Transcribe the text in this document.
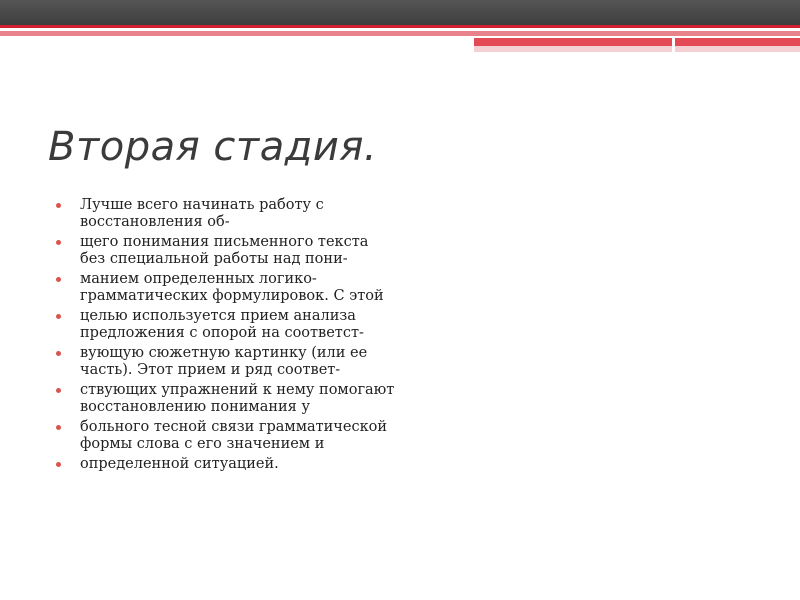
Вторая стадия.
Лучше всего начинать работу с восстановления об-
щего понимания письменного текста без специальной работы над пони-
манием определенных логико-грамматических формулировок. С этой
целью используется прием анализа предложения с опорой на соответст-
вующую сюжетную картинку (или ее часть). Этот прием и ряд соответ-
ствующих упражнений к нему помогают восстановлению понимания у
больного тесной связи грамматической формы слова с его значением и
определенной ситуацией.
